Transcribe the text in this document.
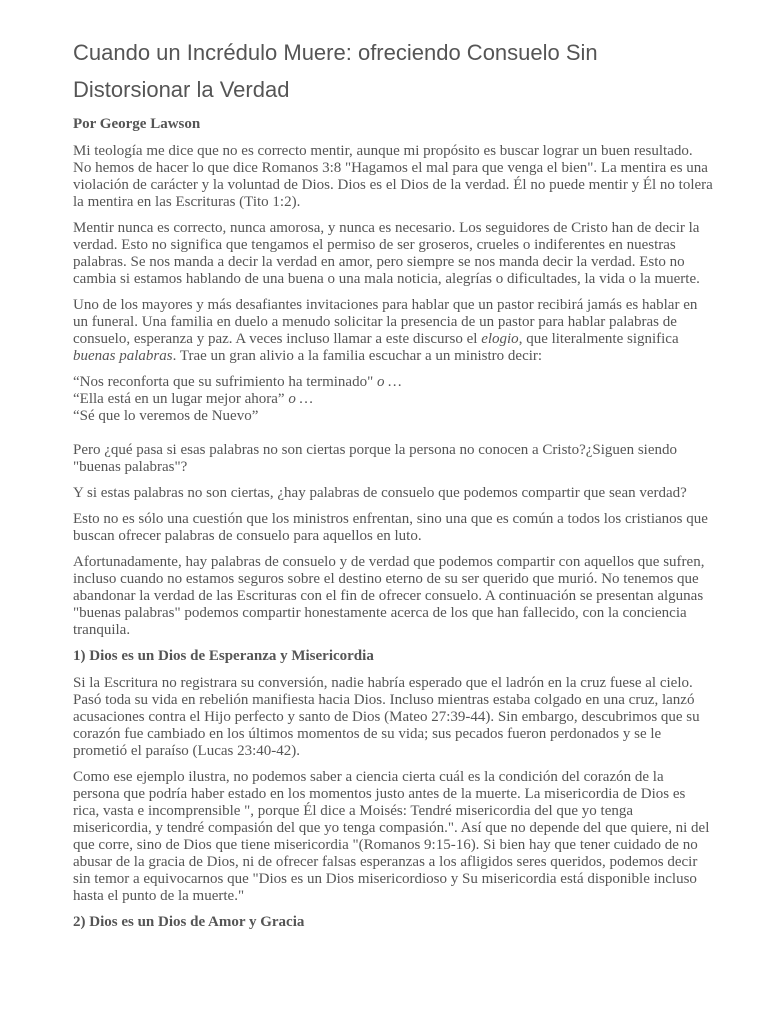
Cuando un Incrédulo Muere: ofreciendo Consuelo Sin Distorsionar la Verdad

Por George Lawson

Mi teología me dice que no es correcto mentir, aunque mi propósito es buscar lograr un buen resultado. No hemos de hacer lo que dice Romanos 3:8 "Hagamos el mal para que venga el bien". La mentira es una violación de carácter y la voluntad de Dios. Dios es el Dios de la verdad. Él no puede mentir y Él no tolera la mentira en las Escrituras (Tito 1:2).

Mentir nunca es correcto, nunca amorosa, y nunca es necesario. Los seguidores de Cristo han de decir la verdad. Esto no significa que tengamos el permiso de ser groseros, crueles o indiferentes en nuestras palabras. Se nos manda a decir la verdad en amor, pero siempre se nos manda decir la verdad. Esto no cambia si estamos hablando de una buena o una mala noticia, alegrías o dificultades, la vida o la muerte.

Uno de los mayores y más desafiantes invitaciones para hablar que un pastor recibirá jamás es hablar en un funeral. Una familia en duelo a menudo solicitar la presencia de un pastor para hablar palabras de consuelo, esperanza y paz. A veces incluso llamar a este discurso el elogio, que literalmente significa buenas palabras. Trae un gran alivio a la familia escuchar a un ministro decir:

“Nos reconforta que su sufrimiento ha terminado" o …
“Ella está en un lugar mejor ahora” o …
“Sé que lo veremos de Nuevo”

Pero ¿qué pasa si esas palabras no son ciertas porque la persona no conocen a Cristo?¿Siguen siendo "buenas palabras"?

Y si estas palabras no son ciertas, ¿hay palabras de consuelo que podemos compartir que sean verdad?

Esto no es sólo una cuestión que los ministros enfrentan, sino una que es común a todos los cristianos que buscan ofrecer palabras de consuelo para aquellos en luto.

Afortunadamente, hay palabras de consuelo y de verdad que podemos compartir con aquellos que sufren, incluso cuando no estamos seguros sobre el destino eterno de su ser querido que murió. No tenemos que abandonar la verdad de las Escrituras con el fin de ofrecer consuelo. A continuación se presentan algunas "buenas palabras" podemos compartir honestamente acerca de los que han fallecido, con la conciencia tranquila.

1) Dios es un Dios de Esperanza y Misericordia

Si la Escritura no registrara su conversión, nadie habría esperado que el ladrón en la cruz fuese al cielo. Pasó toda su vida en rebelión manifiesta hacia Dios. Incluso mientras estaba colgado en una cruz, lanzó acusaciones contra el Hijo perfecto y santo de Dios (Mateo 27:39-44). Sin embargo, descubrimos que su corazón fue cambiado en los últimos momentos de su vida; sus pecados fueron perdonados y se le prometió el paraíso (Lucas 23:40-42).

Como ese ejemplo ilustra, no podemos saber a ciencia cierta cuál es la condición del corazón de la persona que podría haber estado en los momentos justo antes de la muerte. La misericordia de Dios es rica, vasta e incomprensible ", porque Él dice a Moisés: Tendré misericordia del que yo tenga misericordia, y tendré compasión del que yo tenga compasión.". Así que no depende del que quiere, ni del que corre, sino de Dios que tiene misericordia "(Romanos 9:15-16). Si bien hay que tener cuidado de no abusar de la gracia de Dios, ni de ofrecer falsas esperanzas a los afligidos seres queridos, podemos decir sin temor a equivocarnos que "Dios es un Dios misericordioso y Su misericordia está disponible incluso hasta el punto de la muerte."

2) Dios es un Dios de Amor y Gracia
